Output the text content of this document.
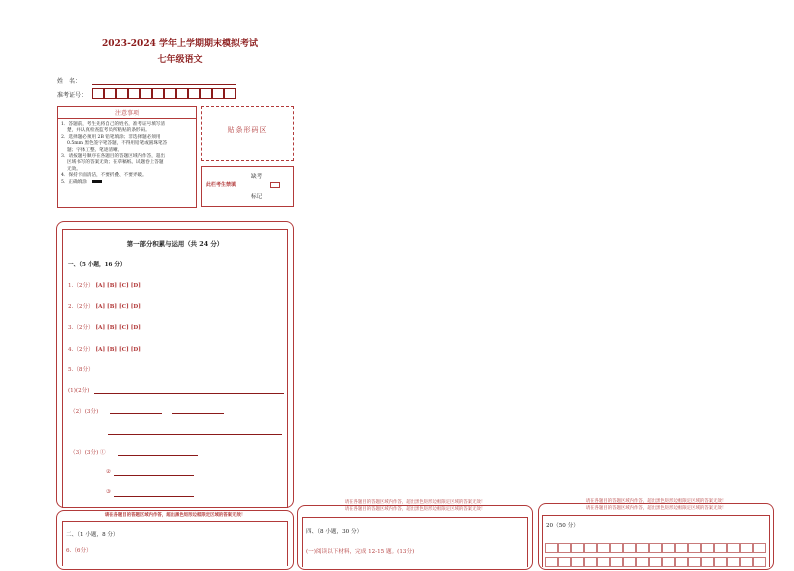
2023-2024 学年上学期期末模拟考试
七年级语文
姓　名：
准考证号：
注意事项
1．答题前，考生先将自己的姓名，准考证号填写清
楚，并认真检查监考员所粘贴的条形码。
2．选择题必须用 2B 铅笔填涂；非选择题必须用
0.5mm 黑色签字笔答题，不得用铅笔或圆珠笔答
题；字体工整、笔迹清晰。
3．请按题号顺序在各题目的答题区域内作答，超出
区域书写的答案无效；在草稿纸、试题卷上答题
无效。
4．保持卡面清洁，不要折叠、不要弄破。
5．正确填涂
贴条形码区
缺考
此栏考生禁填
标记
第一部分积累与运用（共 24 分）
一、（5 小题，16 分）
1.（2分） [A] [B] [C] [D]
2.（2分） [A] [B] [C] [D]
3.（2分） [A] [B] [C] [D]
4.（2分） [A] [B] [C] [D]
5.（8分）
(1)(2分)
（2）(3分)
（3）(3分) ①
②
③
请在各题目的答题区域内作答，超出黑色矩形边框限定区域的答案无效！
二、（1 小题，8 分）
6.（6分）
请在各题目的答题区域内作答，超出黑色矩形边框限定区域的答案无效！
请在各题目的答题区域内作答，超出黑色矩形边框限定区域的答案无效！
四、（8 小题，30 分）
(一)阅读以下材料，完成 12-15 题。(13分)
请在各题目的答题区域内作答，超出黑色矩形边框限定区域的答案无效！
请在各题目的答题区域内作答，超出黑色矩形边框限定区域的答案无效！
20（50 分）
